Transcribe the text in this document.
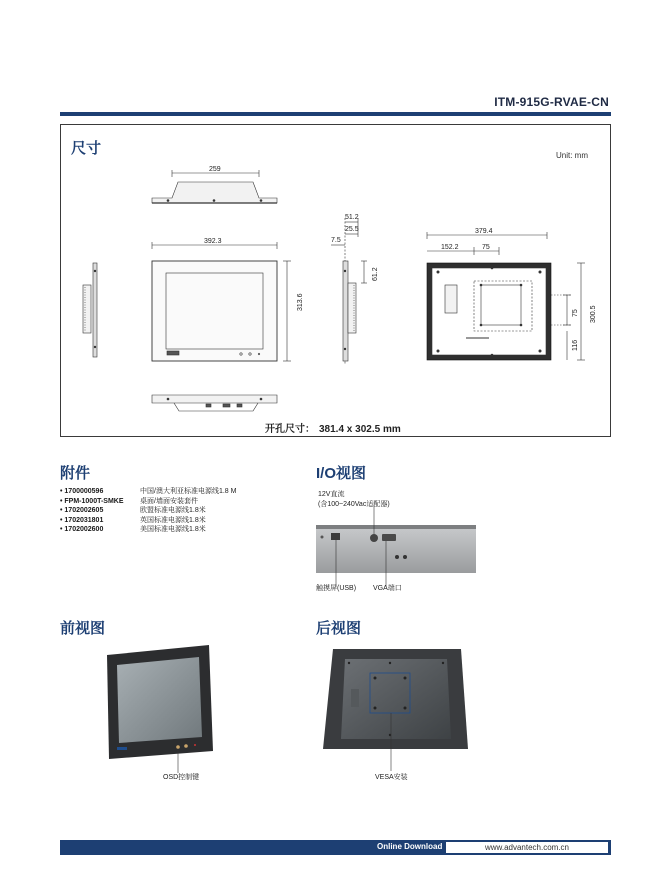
ITM-915G-RVAE-CN
尺寸	Unit: mm
259
392.3
313.6
51.2
25.5
7.5
61.2
379.4
152.2	75
300.5
75
116
开孔尺寸： 381.4 x 302.5 mm
附件
• 1700000596	中国/澳大利亚标准电源线1.8 M
• FPM-1000T-SMKE	桌面/墙面安装套件
• 1702002605	欧盟标准电源线1.8米
• 1702031801	英国标准电源线1.8米
• 1702002600	美国标准电源线1.8米
I/O视图
12V直流
(含100~240Vac适配器)
触摸屏(USB) VGA端口
前视图
OSD控制键
后视图
VESA安装
Online Download	www.advantech.com.cn
